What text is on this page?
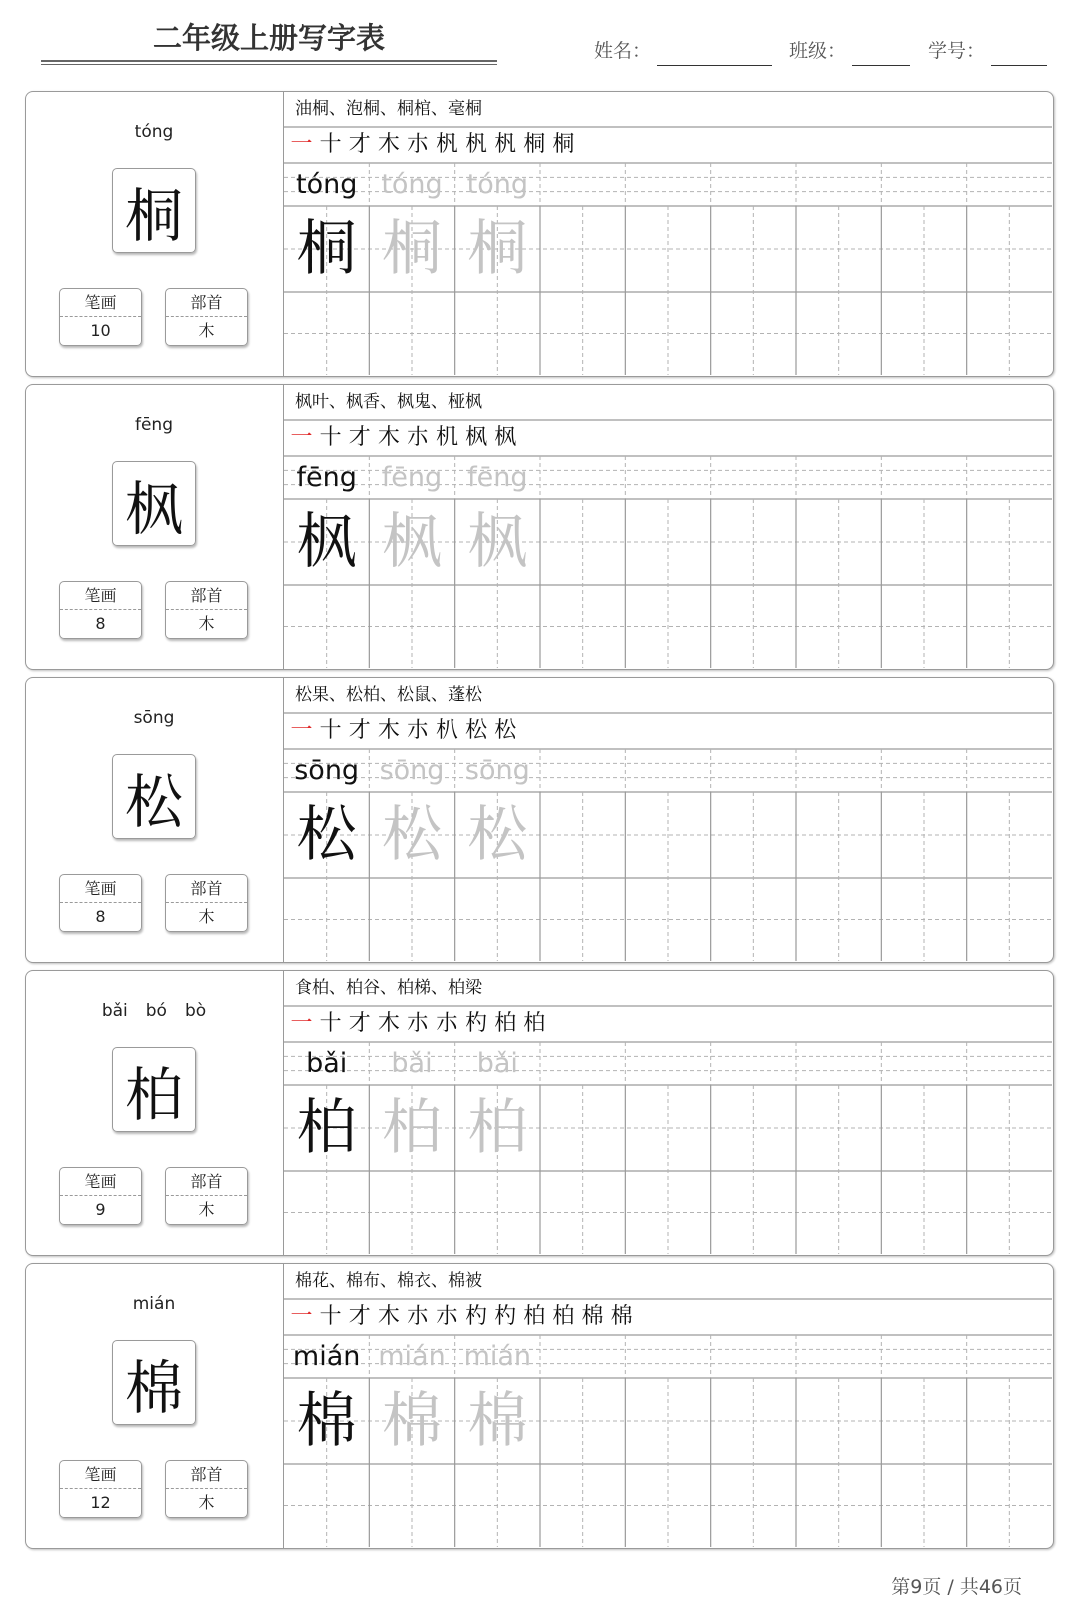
二年级上册写字表	姓名：	班级：	学号：
tóng
桐
笔画
10
部首
木
油桐、泡桐、桐棺、毫桐
一 十 才 木 朩 杋 杋 杋 桐 桐
tóng tóng tóng
桐 桐 桐
fēng
枫
笔画
8
部首
木
枫叶、枫香、枫鬼、桠枫
一 十 才 木 朩 机 枫 枫
fēng fēng fēng
枫 枫 枫
sōng
松
笔画
8
部首
木
松果、松柏、松鼠、蓬松
一 十 才 木 朩 朳 松 松
sōng sōng sōng
松 松 松
bǎi bó bò
柏
笔画
9
部首
木
食柏、柏谷、柏梯、柏梁
一 十 才 木 朩 朩 杓 柏 柏
bǎi	bǎi	bǎi
柏 柏 柏
mián
棉
笔画
12
部首
木
棉花、棉布、棉衣、棉被
一 十 才 木 朩 朩 杓 杓 柏 柏 棉 棉
mián mián mián
棉 棉 棉
第9页 / 共46页
